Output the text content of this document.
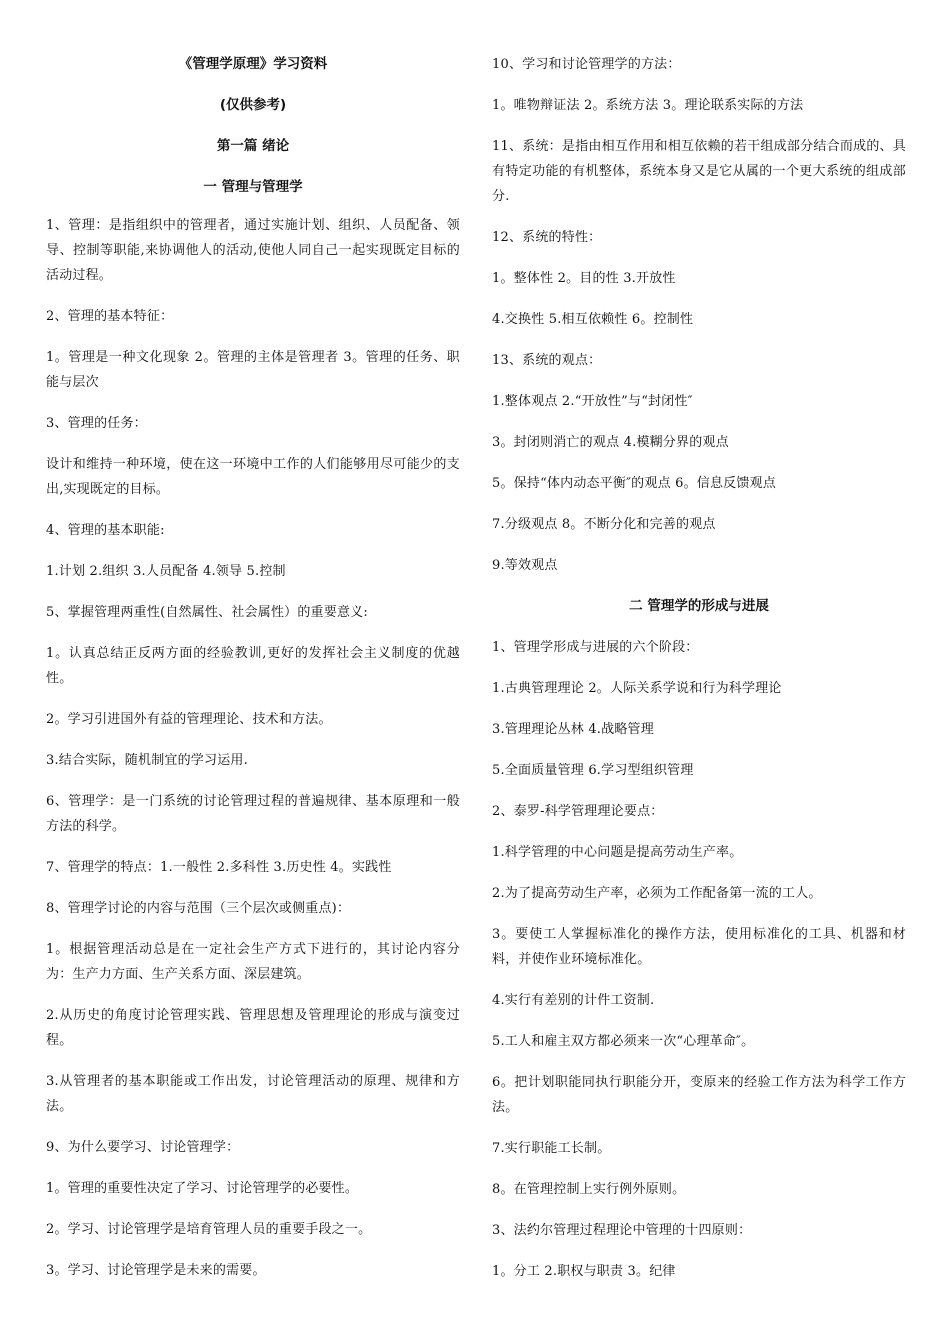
《管理学原理》学习资料
(仅供参考)
第一篇 绪论
一 管理与管理学
1、管理：是指组织中的管理者，通过实施计划、组织、人员配备、领导、控制等职能,来协调他人的活动,使他人同自己一起实现既定目标的活动过程。
2、管理的基本特征：
1。管理是一种文化现象 2。管理的主体是管理者 3。管理的任务、职能与层次
3、管理的任务：
设计和维持一种环境，使在这一环境中工作的人们能够用尽可能少的支出,实现既定的目标。
4、管理的基本职能:
1.计划 2.组织 3.人员配备 4.领导 5.控制
5、掌握管理两重性(自然属性、社会属性）的重要意义:
1。认真总结正反两方面的经验教训,更好的发挥社会主义制度的优越性。
2。学习引进国外有益的管理理论、技术和方法。
3.结合实际，随机制宜的学习运用.
6、管理学：是一门系统的讨论管理过程的普遍规律、基本原理和一般方法的科学。
7、管理学的特点：1.一般性 2.多科性 3.历史性 4。实践性
8、管理学讨论的内容与范围（三个层次或侧重点)：
1。根据管理活动总是在一定社会生产方式下进行的，其讨论内容分为：生产力方面、生产关系方面、深层建筑。
2.从历史的角度讨论管理实践、管理思想及管理理论的形成与演变过程。
3.从管理者的基本职能或工作出发，讨论管理活动的原理、规律和方法。
9、为什么要学习、讨论管理学：
1。管理的重要性决定了学习、讨论管理学的必要性。
2。学习、讨论管理学是培育管理人员的重要手段之一。
3。学习、讨论管理学是未来的需要。
10、学习和讨论管理学的方法：
1。唯物辩证法 2。系统方法 3。理论联系实际的方法
11、系统：是指由相互作用和相互依赖的若干组成部分结合而成的、具有特定功能的有机整体，系统本身又是它从属的一个更大系统的组成部分.
12、系统的特性：
1。整体性 2。目的性 3.开放性
4.交换性 5.相互依赖性 6。控制性
13、系统的观点：
1.整体观点 2.“开放性”与“封闭性″
3。封闭则消亡的观点 4.模糊分界的观点
5。保持“体内动态平衡″的观点 6。信息反馈观点
7.分级观点 8。不断分化和完善的观点
9.等效观点
二 管理学的形成与进展
1、管理学形成与进展的六个阶段：
1.古典管理理论 2。人际关系学说和行为科学理论
3.管理理论丛林 4.战略管理
5.全面质量管理 6.学习型组织管理
2、泰罗-科学管理理论要点：
1.科学管理的中心问题是提高劳动生产率。
2.为了提高劳动生产率，必须为工作配备第一流的工人。
3。要使工人掌握标准化的操作方法，使用标准化的工具、机器和材料，并使作业环境标准化。
4.实行有差别的计件工资制.
5.工人和雇主双方都必须来一次“心理革命″。
6。把计划职能同执行职能分开，变原来的经验工作方法为科学工作方法。
7.实行职能工长制。
8。在管理控制上实行例外原则。
3、法约尔管理过程理论中管理的十四原则：
1。分工 2.职权与职责 3。纪律
